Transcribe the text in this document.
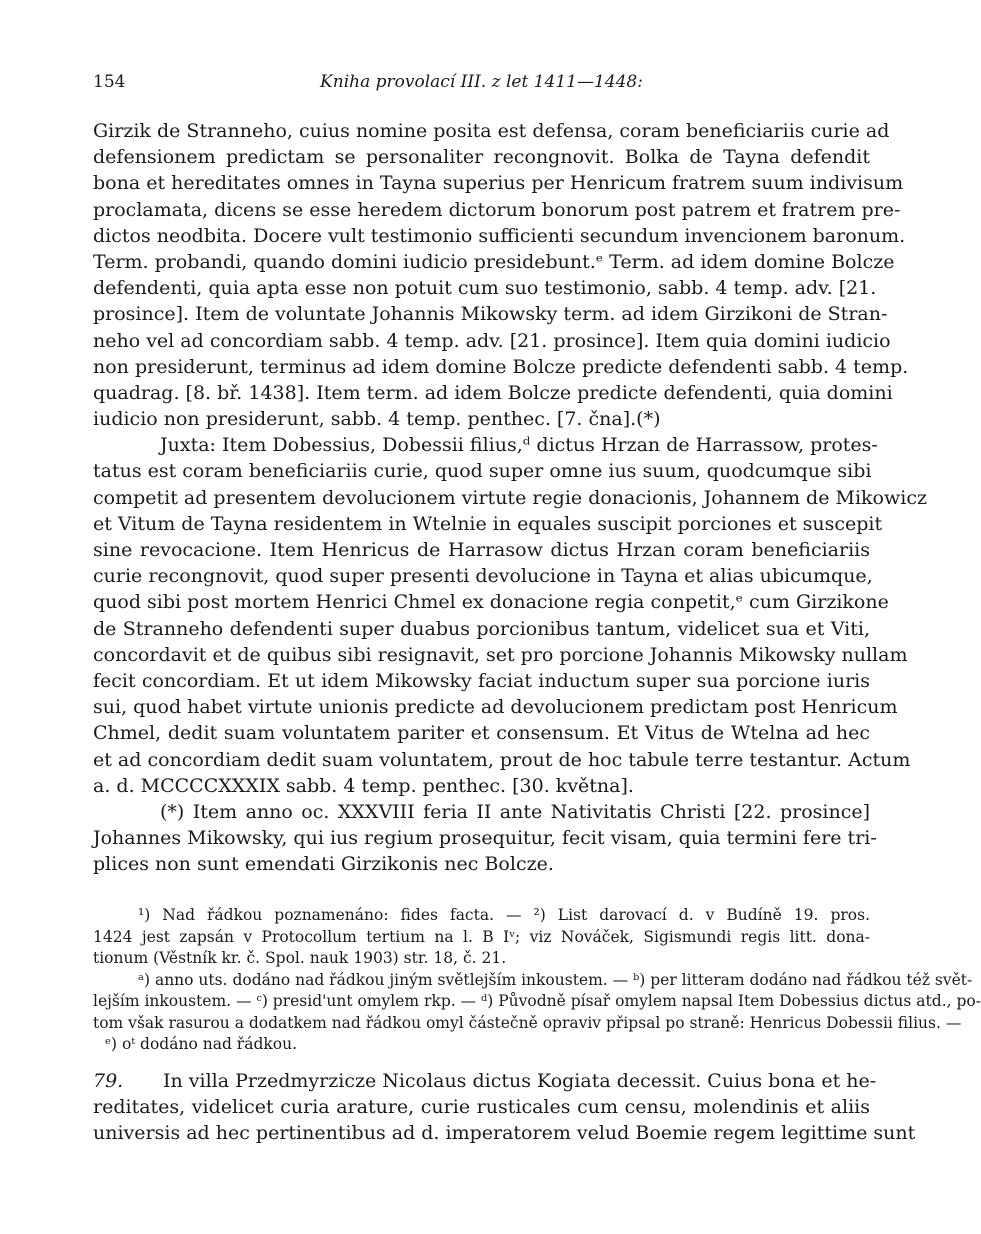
154	Kniha provolací III. z let 1411—1448:
Girzik de Stranneho, cuius nomine posita est defensa, coram beneficiariis curie ad
defensionem predictam se personaliter recongnovit. Bolka de Tayna defendit
bona et hereditates omnes in Tayna superius per Henricum fratrem suum indivisum
proclamata, dicens se esse heredem dictorum bonorum post patrem et fratrem pre-
dictos neodbita. Docere vult testimonio sufficienti secundum invencionem baronum.
Term. probandi, quando domini iudicio presidebunt.ᵉ Term. ad idem domine Bolcze
defendenti, quia apta esse non potuit cum suo testimonio, sabb. 4 temp. adv. [21.
prosince]. Item de voluntate Johannis Mikowsky term. ad idem Girzikoni de Stran-
neho vel ad concordiam sabb. 4 temp. adv. [21. prosince]. Item quia domini iudicio
non presiderunt, terminus ad idem domine Bolcze predicte defendenti sabb. 4 temp.
quadrag. [8. bř. 1438]. Item term. ad idem Bolcze predicte defendenti, quia domini
iudicio non presiderunt, sabb. 4 temp. penthec. [7. čna].(*)
Juxta: Item Dobessius, Dobessii filius,ᵈ dictus Hrzan de Harrassow, protes-
tatus est coram beneficiariis curie, quod super omne ius suum, quodcumque sibi
competit ad presentem devolucionem virtute regie donacionis, Johannem de Mikowicz
et Vitum de Tayna residentem in Wtelnie in equales suscipit porciones et suscepit
sine revocacione. Item Henricus de Harrasow dictus Hrzan coram beneficiariis
curie recongnovit, quod super presenti devolucione in Tayna et alias ubicumque,
quod sibi post mortem Henrici Chmel ex donacione regia conpetit,ᵉ cum Girzikone
de Stranneho defendenti super duabus porcionibus tantum, videlicet sua et Viti,
concordavit et de quibus sibi resignavit, set pro porcione Johannis Mikowsky nullam
fecit concordiam. Et ut idem Mikowsky faciat inductum super sua porcione iuris
sui, quod habet virtute unionis predicte ad devolucionem predictam post Henricum
Chmel, dedit suam voluntatem pariter et consensum. Et Vitus de Wtelna ad hec
et ad concordiam dedit suam voluntatem, prout de hoc tabule terre testantur. Actum
a. d. MCCCCXXXIX sabb. 4 temp. penthec. [30. května].
(*) Item anno oc. XXXVIII feria II ante Nativitatis Christi [22. prosince]
Johannes Mikowsky, qui ius regium prosequitur, fecit visam, quia termini fere tri-
plices non sunt emendati Girzikonis nec Bolcze.
¹) Nad řádkou poznamenáno: fides facta. — ²) List darovací d. v Budíně 19. pros.
1424 jest zapsán v Protocollum tertium na l. B Iᵛ; viz Nováček, Sigismundi regis litt. dona-
tionum (Věstník kr. č. Spol. nauk 1903) str. 18, č. 21.
ᵃ) anno uts. dodáno nad řádkou jiným světlejším inkoustem. — ᵇ) per litteram dodáno nad řádkou též svět-
lejším inkoustem. — ᶜ) presid'unt omylem rkp. — ᵈ) Původně písař omylem napsal Item Dobessius dictus atd., po-
tom však rasurou a dodatkem nad řádkou omyl částečně opraviv připsal po straně: Henricus Dobessii filius. —
ᵉ) oᵗ dodáno nad řádkou.
79. In villa Przedmyrzicze Nicolaus dictus Kogiata decessit. Cuius bona et he-
reditates, videlicet curia arature, curie rusticales cum censu, molendinis et aliis
universis ad hec pertinentibus ad d. imperatorem velud Boemie regem legittime sunt
